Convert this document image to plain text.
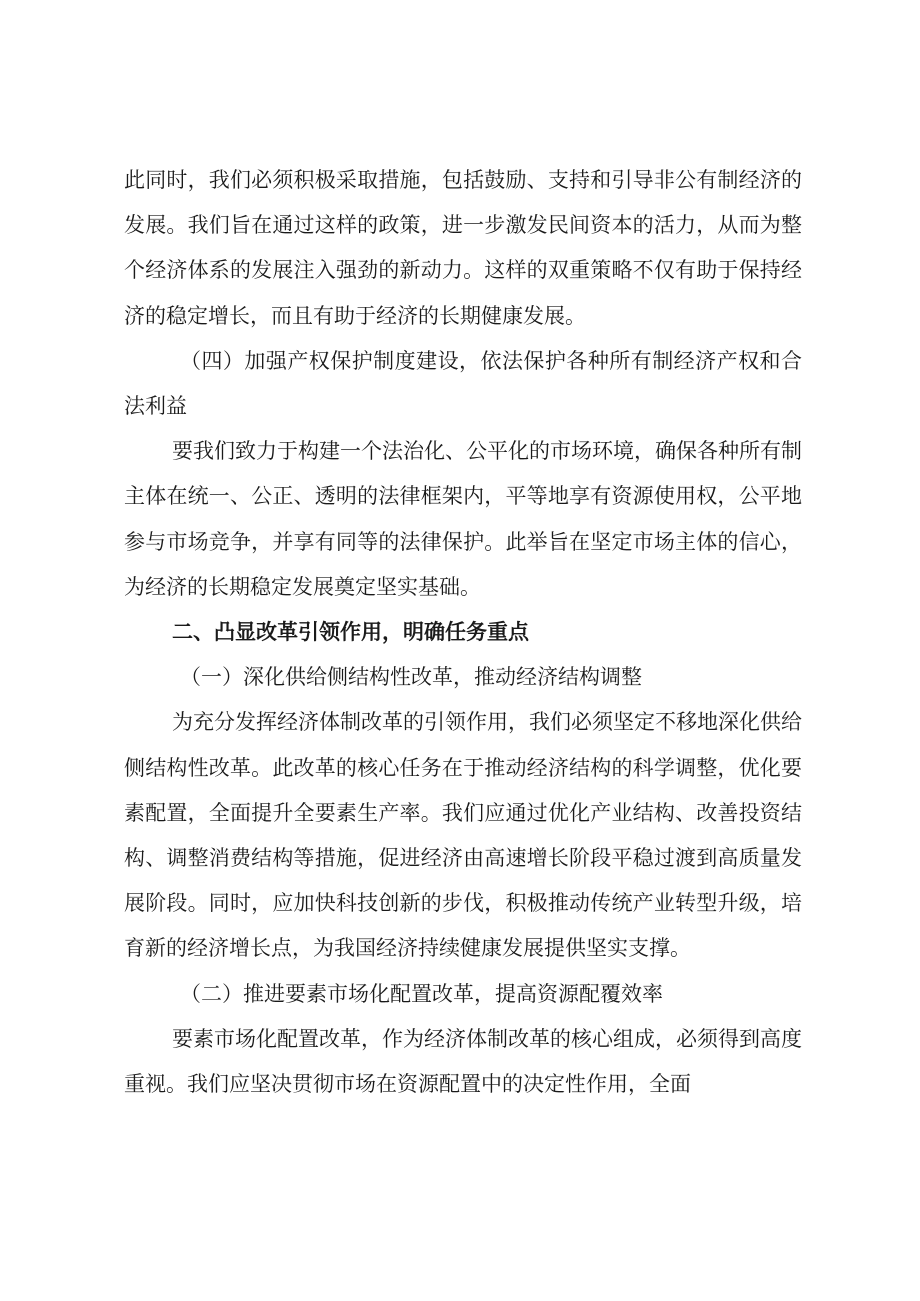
此同时，我们必须积极采取措施，包括鼓励、支持和引导非公有制经济的发展。我们旨在通过这样的政策，进一步激发民间资本的活力，从而为整个经济体系的发展注入强劲的新动力。这样的双重策略不仅有助于保持经济的稳定增长，而且有助于经济的长期健康发展。

（四）加强产权保护制度建设，依法保护各种所有制经济产权和合法利益

要我们致力于构建一个法治化、公平化的市场环境，确保各种所有制主体在统一、公正、透明的法律框架内，平等地享有资源使用权，公平地参与市场竞争，并享有同等的法律保护。此举旨在坚定市场主体的信心，为经济的长期稳定发展奠定坚实基础。

二、凸显改革引领作用，明确任务重点

（一）深化供给侧结构性改革，推动经济结构调整

为充分发挥经济体制改革的引领作用，我们必须坚定不移地深化供给侧结构性改革。此改革的核心任务在于推动经济结构的科学调整，优化要素配置，全面提升全要素生产率。我们应通过优化产业结构、改善投资结构、调整消费结构等措施，促进经济由高速增长阶段平稳过渡到高质量发展阶段。同时，应加快科技创新的步伐，积极推动传统产业转型升级，培育新的经济增长点，为我国经济持续健康发展提供坚实支撑。

（二）推进要素市场化配置改革，提高资源配覆效率

要素市场化配置改革，作为经济体制改革的核心组成，必须得到高度重视。我们应坚决贯彻市场在资源配置中的决定性作用，全面
